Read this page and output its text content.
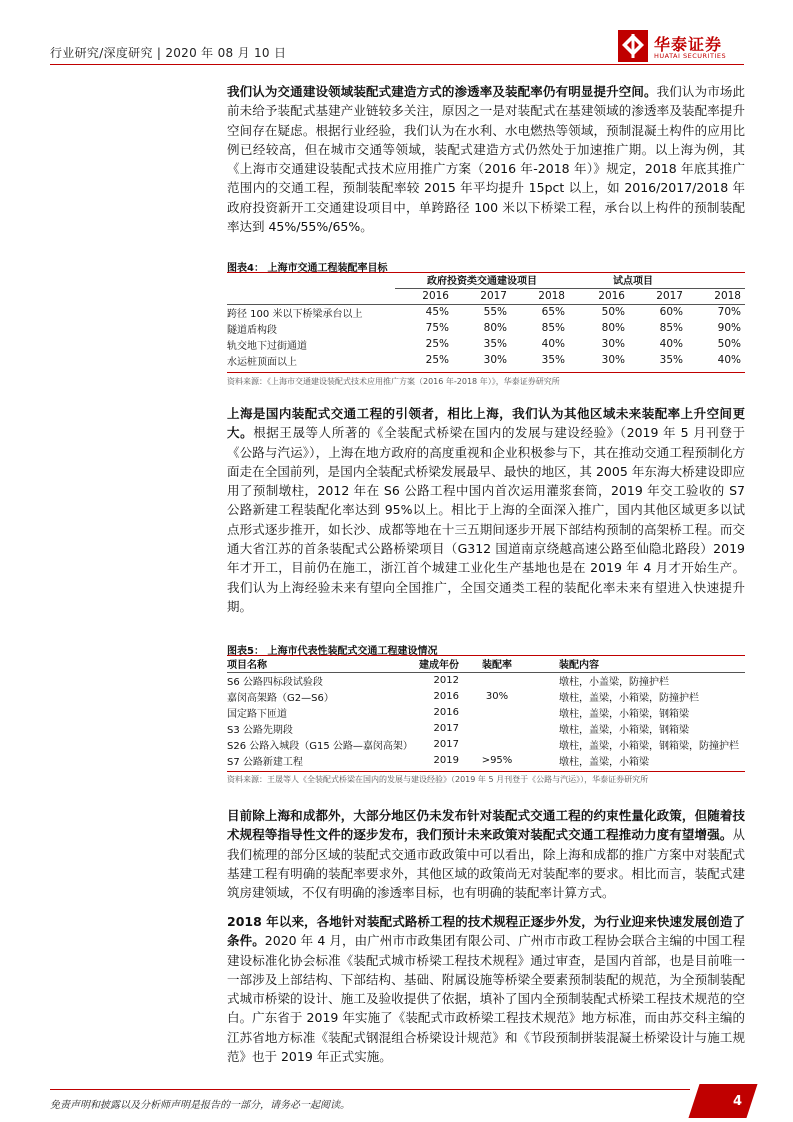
行业研究/深度研究 | 2020 年 08 月 10 日	华泰证券
HUATAI SECURITIES
我们认为交通建设领域装配式建造方式的渗透率及装配率仍有明显提升空间。我们认为市场此前未给予装配式基建产业链较多关注，原因之一是对装配式在基建领域的渗透率及装配率提升空间存在疑虑。根据行业经验，我们认为在水利、水电燃热等领域，预制混凝土构件的应用比例已经较高，但在城市交通等领域，装配式建造方式仍然处于加速推广期。以上海为例，其《上海市交通建设装配式技术应用推广方案（2016 年-2018 年）》规定，2018 年底其推广范围内的交通工程，预制装配率较 2015 年平均提升 15pct 以上，如 2016/2017/2018 年政府投资新开工交通建设项目中，单跨路径 100 米以下桥梁工程，承台以上构件的预制装配率达到 45%/55%/65%。
图表4： 上海市交通工程装配率目标
	政府投资类交通建设项目				试点项目		
	2016	2017	2018	2016		2017	2018
跨径 100 米以下桥梁承台以上	45%	55%	65%	50%		60%	70%
隧道盾构段	75%	80%	85%	80%		85%	90%
轨交地下过街通道	25%	35%	40%	30%		40%	50%
水运桩顶面以上	25%	30%	35%	30%		35%	40%
资料来源：《上海市交通建设装配式技术应用推广方案（2016 年-2018 年）》，华泰证券研究所
上海是国内装配式交通工程的引领者，相比上海，我们认为其他区域未来装配率上升空间更大。根据王晟等人所著的《全装配式桥梁在国内的发展与建设经验》（2019 年 5 月刊登于《公路与汽运》），上海在地方政府的高度重视和企业积极参与下，其在推动交通工程预制化方面走在全国前列，是国内全装配式桥梁发展最早、最快的地区，其 2005 年东海大桥建设即应用了预制墩柱，2012 年在 S6 公路工程中国内首次运用灌浆套筒，2019 年交工验收的 S7 公路新建工程装配化率达到 95%以上。相比于上海的全面深入推广，国内其他区域更多以试点形式逐步推开，如长沙、成都等地在十三五期间逐步开展下部结构预制的高架桥工程。而交通大省江苏的首条装配式公路桥梁项目（G312 国道南京绕越高速公路至仙隐北路段）2019 年才开工，目前仍在施工，浙江首个城建工业化生产基地也是在 2019 年 4 月才开始生产。我们认为上海经验未来有望向全国推广，全国交通类工程的装配化率未来有望进入快速提升期。
图表5： 上海市代表性装配式交通工程建设情况
项目名称	建成年份	装配率	装配内容
S6 公路四标段试验段	2012		墩柱，小盖梁，防撞护栏
嘉闵高架路（G2—S6）	2016	30%	墩柱，盖梁，小箱梁，防撞护栏
国定路下匝道	2016		墩柱，盖梁，小箱梁，钢箱梁
S3 公路先期段	2017		墩柱，盖梁，小箱梁，钢箱梁
S26 公路入城段（G15 公路—嘉闵高架）	2017		墩柱，盖梁，小箱梁，钢箱梁，防撞护栏
S7 公路新建工程	2019	>95%	墩柱，盖梁，小箱梁
资料来源：王晟等人《全装配式桥梁在国内的发展与建设经验》（2019 年 5 月刊登于《公路与汽运》），华泰证券研究所
目前除上海和成都外，大部分地区仍未发布针对装配式交通工程的约束性量化政策，但随着技术规程等指导性文件的逐步发布，我们预计未来政策对装配式交通工程推动力度有望增强。从我们梳理的部分区域的装配式交通市政政策中可以看出，除上海和成都的推广方案中对装配式基建工程有明确的装配率要求外，其他区域的政策尚无对装配率的要求。相比而言，装配式建筑房建领域，不仅有明确的渗透率目标，也有明确的装配率计算方式。
2018 年以来，各地针对装配式路桥工程的技术规程正逐步外发，为行业迎来快速发展创造了条件。2020 年 4 月，由广州市市政集团有限公司、广州市市政工程协会联合主编的中国工程建设标准化协会标准《装配式城市桥梁工程技术规程》通过审查，是国内首部，也是目前唯一一部涉及上部结构、下部结构、基础、附属设施等桥梁全要素预制装配的规范，为全预制装配式城市桥梁的设计、施工及验收提供了依据，填补了国内全预制装配式桥梁工程技术规范的空白。广东省于 2019 年实施了《装配式市政桥梁工程技术规范》地方标准，而由苏交科主编的江苏省地方标准《装配式钢混组合桥梁设计规范》和《节段预制拼装混凝土桥梁设计与施工规范》也于 2019 年正式实施。
免责声明和披露以及分析师声明是报告的一部分，请务必一起阅读。	4
